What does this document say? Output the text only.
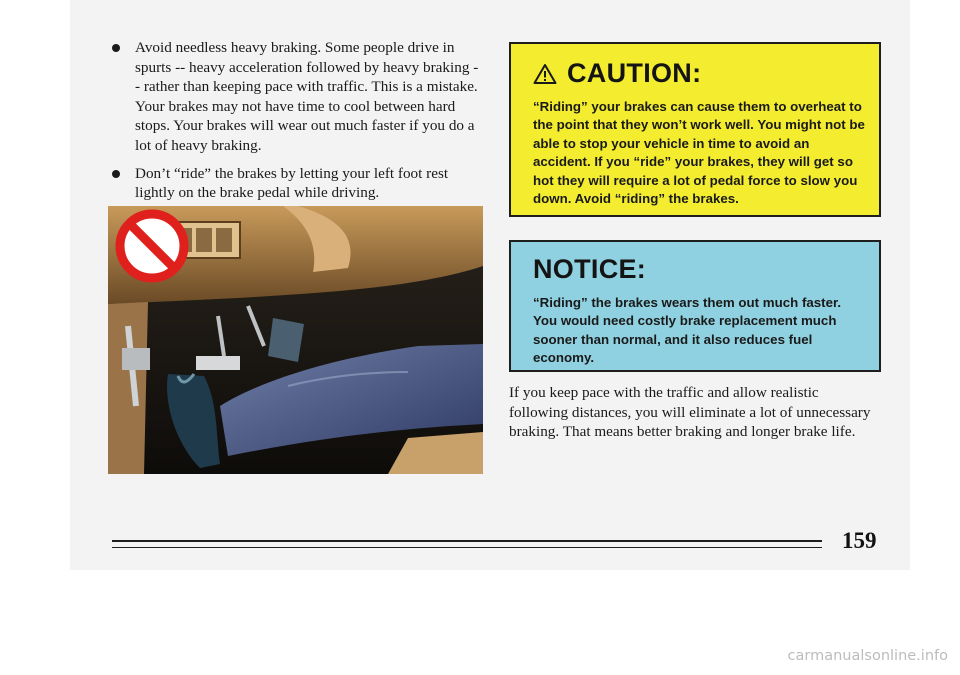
Avoid needless heavy braking. Some people drive in spurts -- heavy acceleration followed by heavy braking -- rather than keeping pace with traffic. This is a mistake. Your brakes may not have time to cool between hard stops. Your brakes will wear out much faster if you do a lot of heavy braking.
Don’t “ride” the brakes by letting your left foot rest lightly on the brake pedal while driving.
CAUTION:
“Riding” your brakes can cause them to overheat to the point that they won’t work well. You might not be able to stop your vehicle in time to avoid an accident. If you “ride” your brakes, they will get so hot they will require a lot of pedal force to slow you down. Avoid “riding” the brakes.
NOTICE:
“Riding” the brakes wears them out much faster. You would need costly brake replacement much sooner than normal, and it also reduces fuel economy.

If you keep pace with the traffic and allow realistic following distances, you will eliminate a lot of unnecessary braking. That means better braking and longer brake life.

159
carmanualsonline.info
